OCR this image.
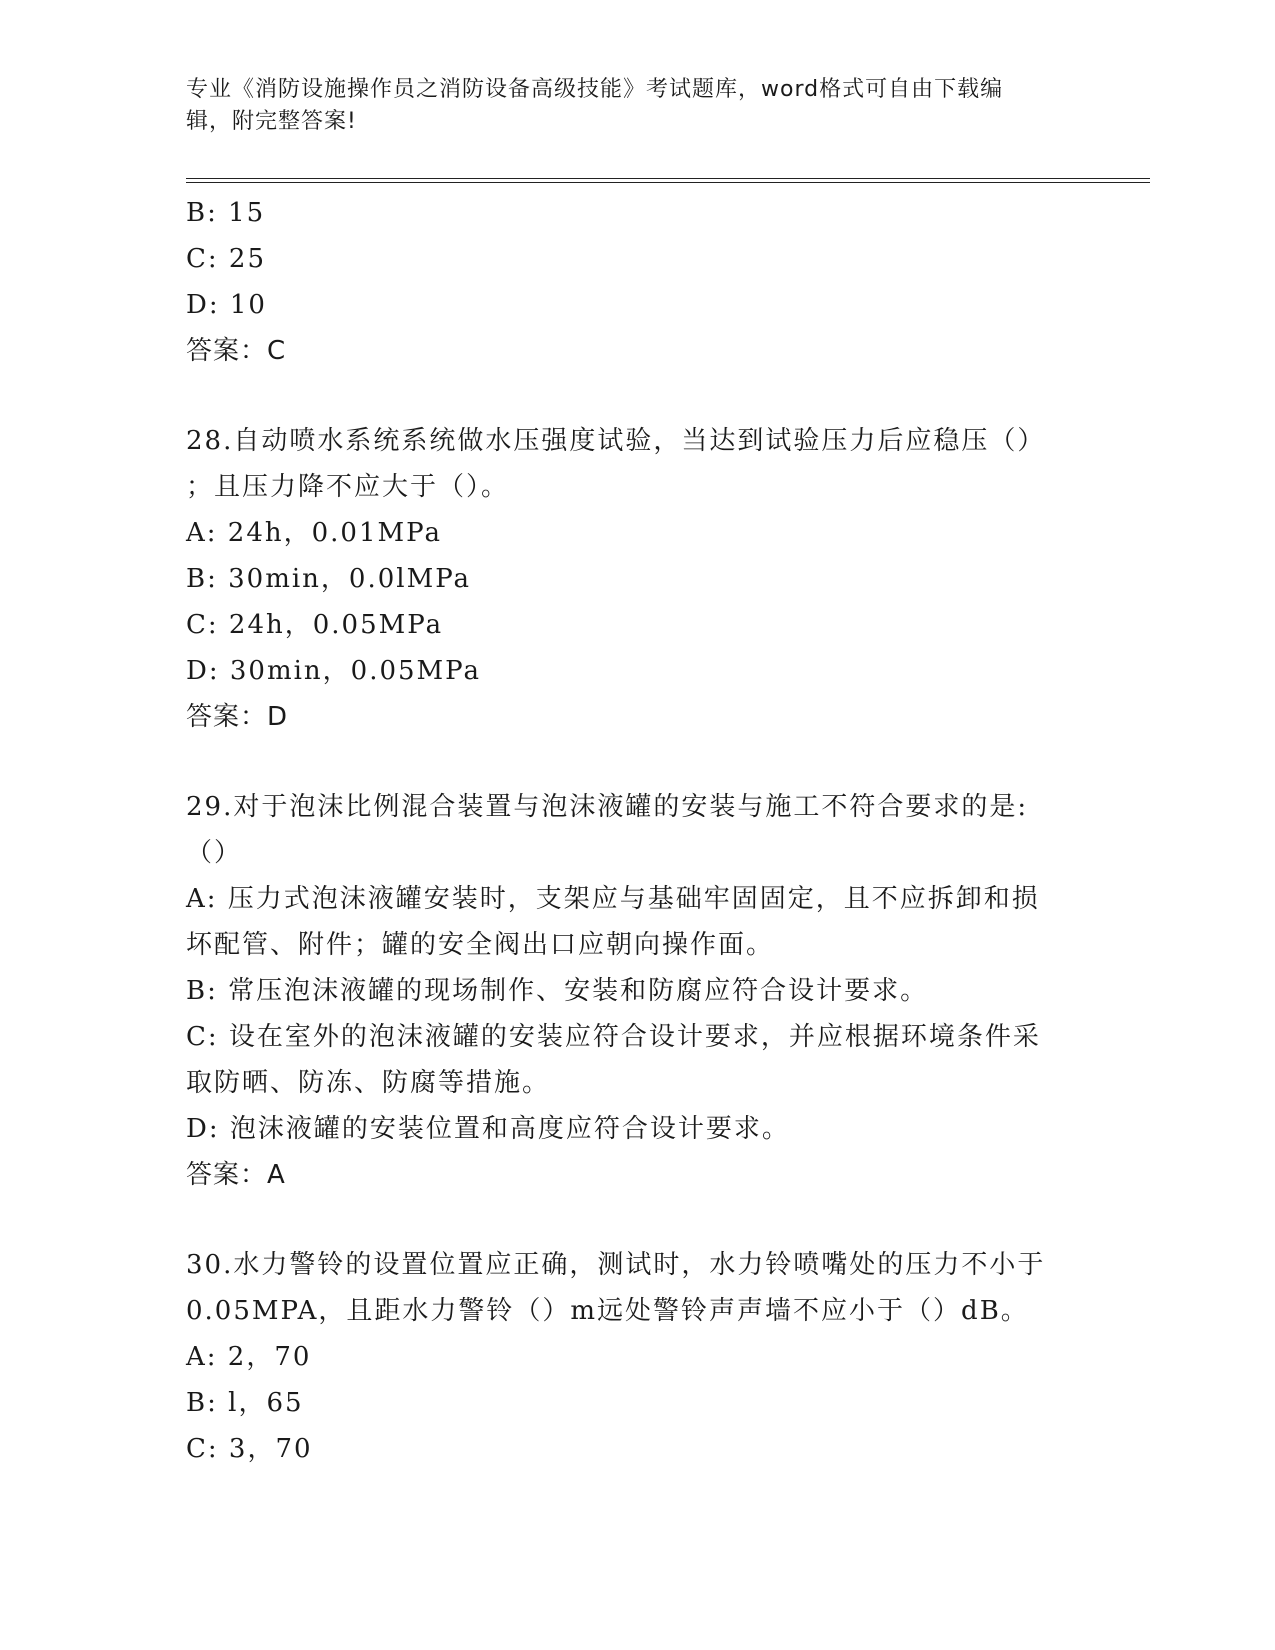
专业《消防设施操作员之消防设备高级技能》考试题库，word格式可自由下载编
辑，附完整答案!
B: 15
C: 25
D: 10
答案：C
28.自动喷水系统系统做水压强度试验，当达到试验压力后应稳压（）
；且压力降不应大于（）。
A: 24h，0.01MPa
B: 30min，0.0lMPa
C: 24h，0.05MPa
D: 30min，0.05MPa
答案：D
29.对于泡沫比例混合装置与泡沫液罐的安装与施工不符合要求的是:
（）
A: 压力式泡沫液罐安装时，支架应与基础牢固固定，且不应拆卸和损
坏配管、附件；罐的安全阀出口应朝向操作面。
B: 常压泡沫液罐的现场制作、安装和防腐应符合设计要求。
C: 设在室外的泡沫液罐的安装应符合设计要求，并应根据环境条件采
取防晒、防冻、防腐等措施。
D: 泡沫液罐的安装位置和高度应符合设计要求。
答案：A
30.水力警铃的设置位置应正确，测试时，水力铃喷嘴处的压力不小于
0.05MPA，且距水力警铃（）m远处警铃声声墙不应小于（）dB。
A: 2，70
B: l，65
C: 3，70
